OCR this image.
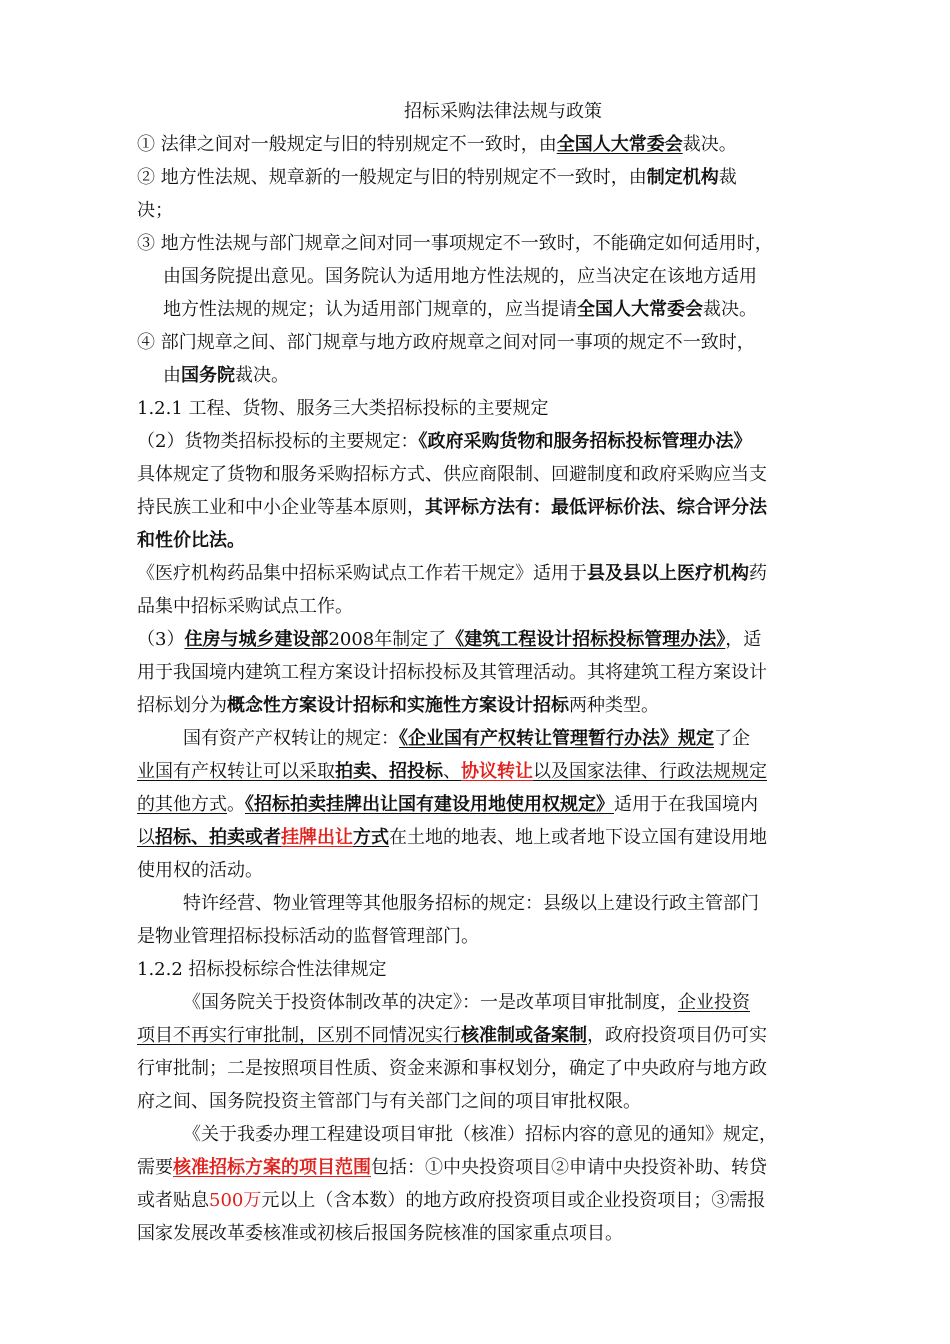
招标采购法律法规与政策
① 法律之间对一般规定与旧的特别规定不一致时，由全国人大常委会裁决。
② 地方性法规、规章新的一般规定与旧的特别规定不一致时，由制定机构裁
决；
③ 地方性法规与部门规章之间对同一事项规定不一致时，不能确定如何适用时，
由国务院提出意见。国务院认为适用地方性法规的，应当决定在该地方适用
地方性法规的规定；认为适用部门规章的，应当提请全国人大常委会裁决。
④ 部门规章之间、部门规章与地方政府规章之间对同一事项的规定不一致时，
由国务院裁决。
1.2.1 工程、货物、服务三大类招标投标的主要规定
（2）货物类招标投标的主要规定：《政府采购货物和服务招标投标管理办法》
具体规定了货物和服务采购招标方式、供应商限制、回避制度和政府采购应当支
持民族工业和中小企业等基本原则，其评标方法有：最低评标价法、综合评分法
和性价比法。
《医疗机构药品集中招标采购试点工作若干规定》适用于县及县以上医疗机构药
品集中招标采购试点工作。
（3）住房与城乡建设部2008年制定了《建筑工程设计招标投标管理办法》，适
用于我国境内建筑工程方案设计招标投标及其管理活动。其将建筑工程方案设计
招标划分为概念性方案设计招标和实施性方案设计招标两种类型。
国有资产产权转让的规定：《企业国有产权转让管理暂行办法》规定了企
业国有产权转让可以采取拍卖、招投标、协议转让以及国家法律、行政法规规定
的其他方式。《招标拍卖挂牌出让国有建设用地使用权规定》适用于在我国境内
以招标、拍卖或者挂牌出让方式在土地的地表、地上或者地下设立国有建设用地
使用权的活动。
特许经营、物业管理等其他服务招标的规定：县级以上建设行政主管部门
是物业管理招标投标活动的监督管理部门。
1.2.2 招标投标综合性法律规定
《国务院关于投资体制改革的决定》：一是改革项目审批制度，企业投资
项目不再实行审批制，区别不同情况实行核准制或备案制，政府投资项目仍可实
行审批制；二是按照项目性质、资金来源和事权划分，确定了中央政府与地方政
府之间、国务院投资主管部门与有关部门之间的项目审批权限。
《关于我委办理工程建设项目审批（核准）招标内容的意见的通知》规定，
需要核准招标方案的项目范围包括：①中央投资项目②申请中央投资补助、转贷
或者贴息500万元以上（含本数）的地方政府投资项目或企业投资项目；③需报
国家发展改革委核准或初核后报国务院核准的国家重点项目。
